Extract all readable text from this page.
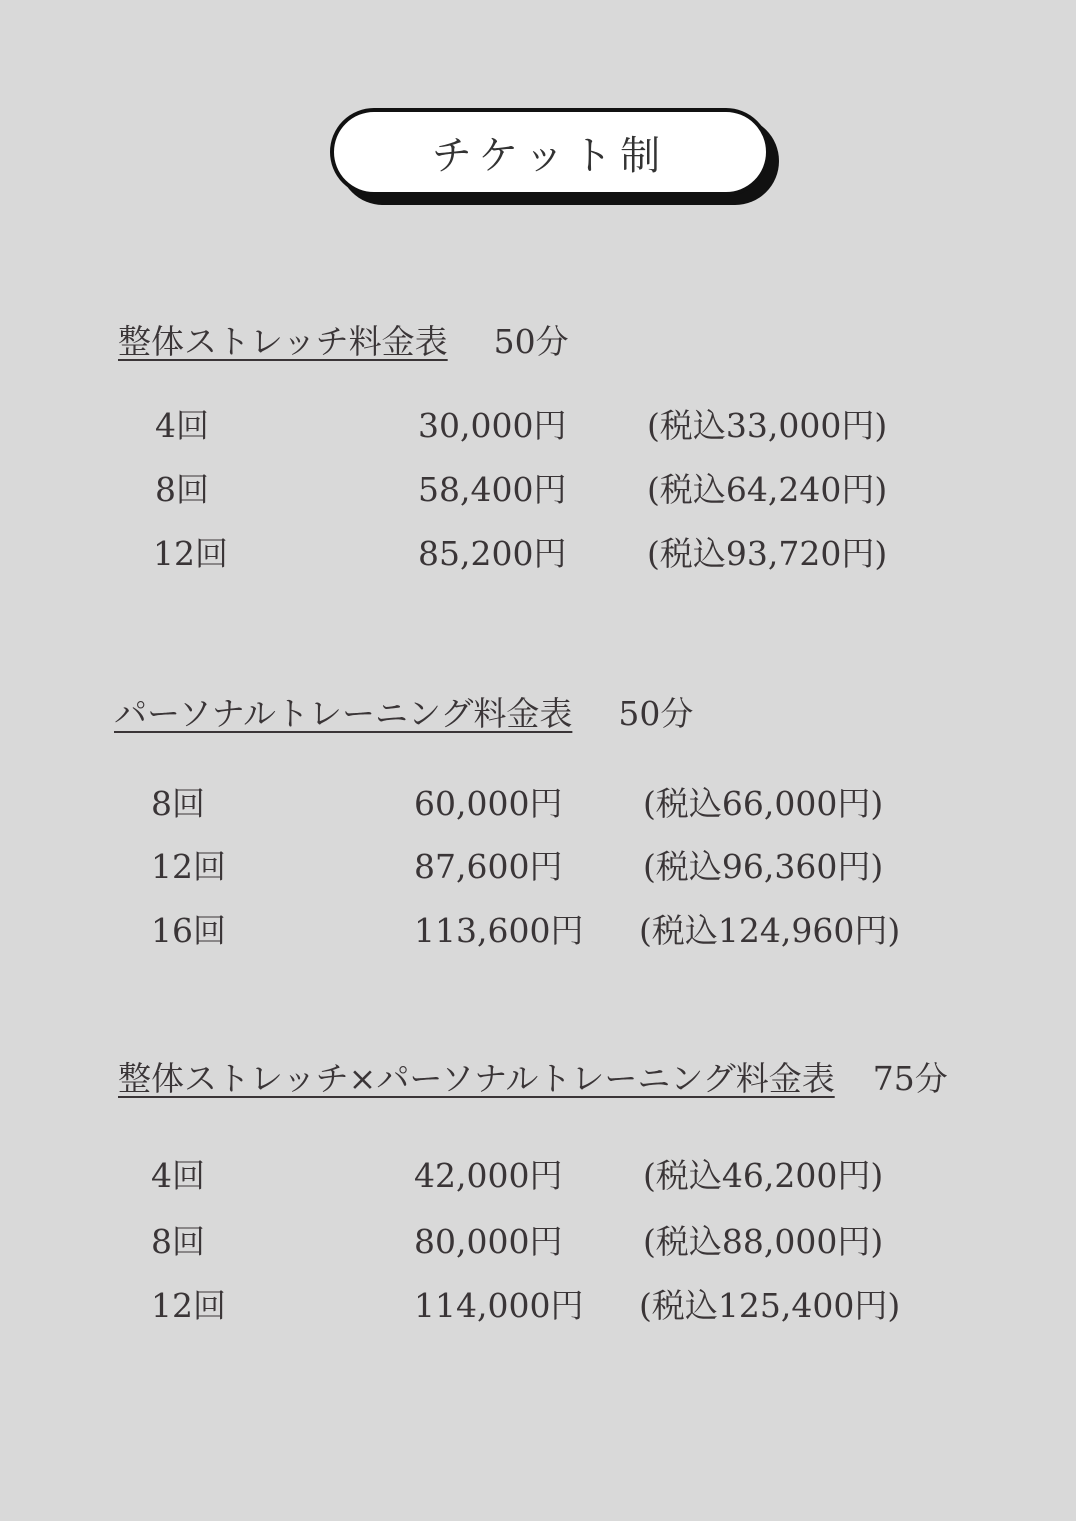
チケット制
整体ストレッチ料金表 50分
4回	30,000円 (税込33,000円)
8回	58,400円 (税込64,240円)
12回	85,200円 (税込93,720円)
パーソナルトレーニング料金表 50分
8回	60,000円 (税込66,000円)
12回	87,600円 (税込96,360円)
16回	113,600円 (税込124,960円)
整体ストレッチ×パーソナルトレーニング料金表 75分
4回	42,000円 (税込46,200円)
8回	80,000円 (税込88,000円)
12回	114,000円 (税込125,400円)
